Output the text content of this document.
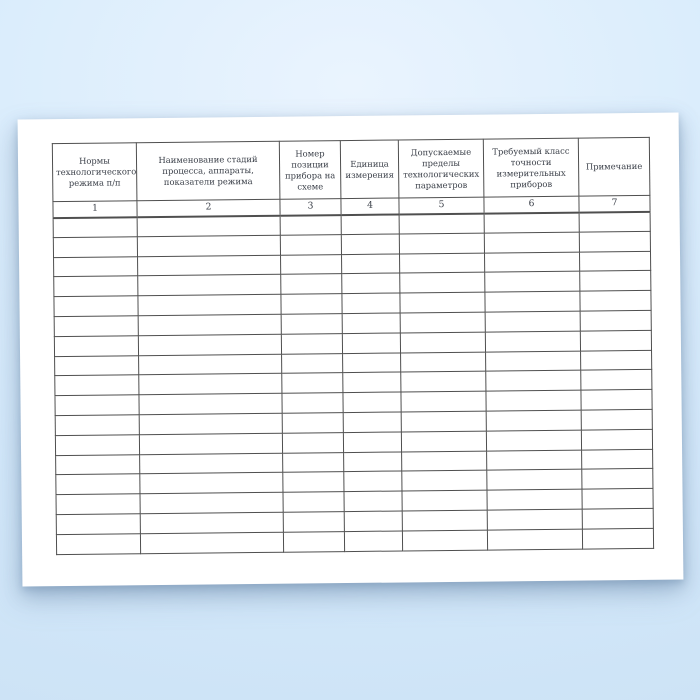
Нормы технологического режима п/п	Наименование стадий процесса, аппараты, показатели режима	Номер позиции прибора на схеме	Единица измерения	Допускаемые пределы технологических параметров	Требуемый класс точности измерительных приборов	Примечание
1	2	3	4	5	6	7
